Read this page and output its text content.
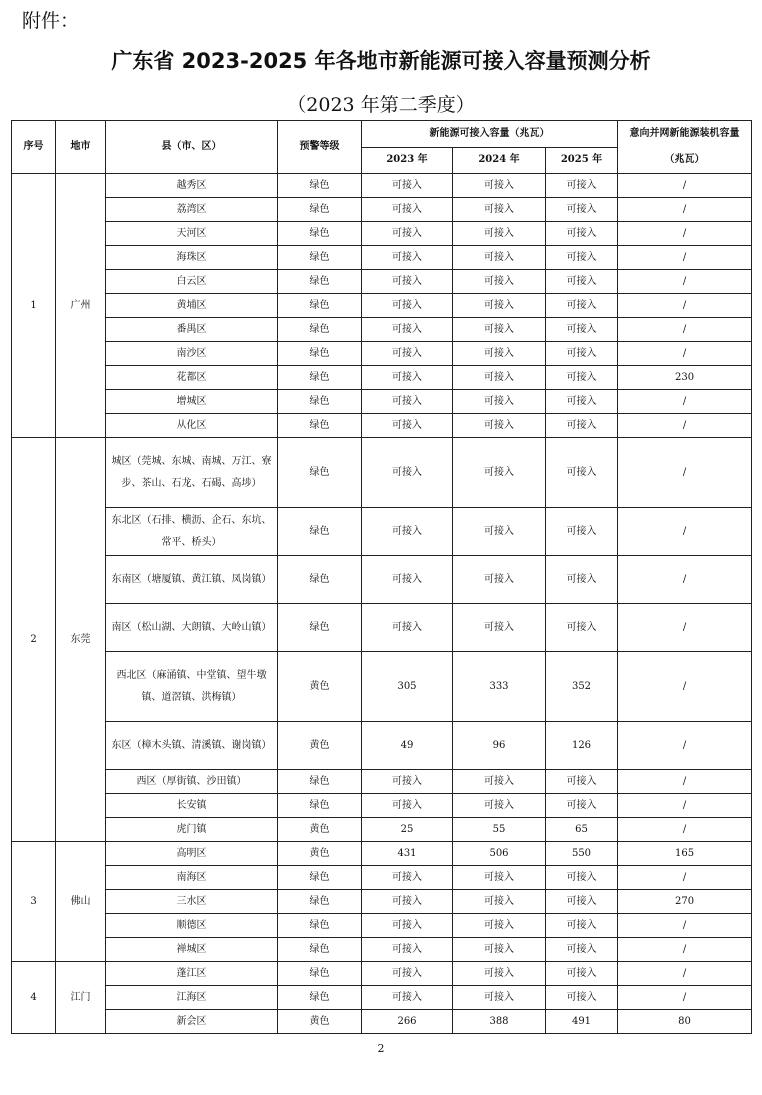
附件：
广东省 2023-2025 年各地市新能源可接入容量预测分析
（2023 年第二季度）
序号	地市	县（市、区）	预警等级	新能源可接入容量（兆瓦）			意向并网新能源装机容量（兆瓦）
				2023 年	2024 年	2025 年	
1	广州	越秀区	绿色	可接入	可接入	可接入	/
		荔湾区	绿色	可接入	可接入	可接入	/
		天河区	绿色	可接入	可接入	可接入	/
		海珠区	绿色	可接入	可接入	可接入	/
		白云区	绿色	可接入	可接入	可接入	/
		黄埔区	绿色	可接入	可接入	可接入	/
		番禺区	绿色	可接入	可接入	可接入	/
		南沙区	绿色	可接入	可接入	可接入	/
		花都区	绿色	可接入	可接入	可接入	230
		增城区	绿色	可接入	可接入	可接入	/
		从化区	绿色	可接入	可接入	可接入	/
2	东莞	城区（莞城、东城、南城、万江、寮步、茶山、石龙、石碣、高埗）	绿色	可接入	可接入	可接入	/
		东北区（石排、横沥、企石、东坑、常平、桥头）	绿色	可接入	可接入	可接入	/
		东南区（塘厦镇、黄江镇、凤岗镇）	绿色	可接入	可接入	可接入	/
		南区（松山湖、大朗镇、大岭山镇）	绿色	可接入	可接入	可接入	/
		西北区（麻涌镇、中堂镇、望牛墩镇、道滘镇、洪梅镇）	黄色	305	333	352	/
		东区（樟木头镇、清溪镇、谢岗镇）	黄色	49	96	126	/
		西区（厚街镇、沙田镇）	绿色	可接入	可接入	可接入	/
		长安镇	绿色	可接入	可接入	可接入	/
		虎门镇	黄色	25	55	65	/
3	佛山	高明区	黄色	431	506	550	165
		南海区	绿色	可接入	可接入	可接入	/
		三水区	绿色	可接入	可接入	可接入	270
		顺德区	绿色	可接入	可接入	可接入	/
		禅城区	绿色	可接入	可接入	可接入	/
4	江门	蓬江区	绿色	可接入	可接入	可接入	/
		江海区	绿色	可接入	可接入	可接入	/
		新会区	黄色	266	388	491	80
2
